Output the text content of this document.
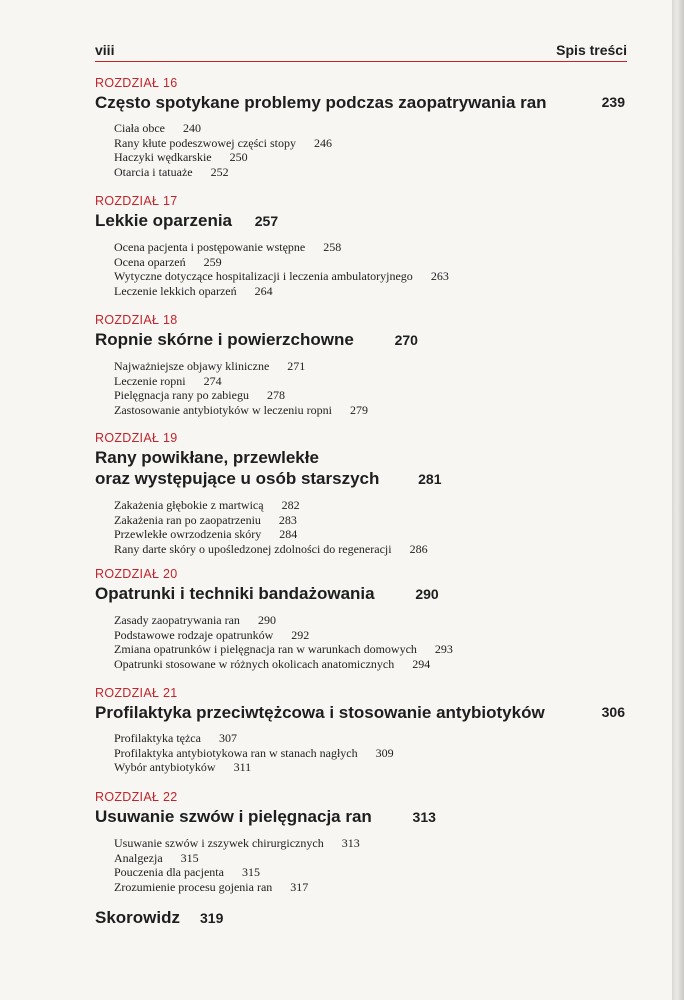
viii	Spis treści
ROZDZIAŁ 16
Często spotykane problemy podczas zaopatrywania ran	239
Ciała obce 240
Rany kłute podeszwowej części stopy 246
Haczyki wędkarskie 250
Otarcia i tatuaże 252
ROZDZIAŁ 17
Lekkie oparzenia 257
Ocena pacjenta i postępowanie wstępne 258
Ocena oparzeń 259
Wytyczne dotyczące hospitalizacji i leczenia ambulatoryjnego 263
Leczenie lekkich oparzeń 264
ROZDZIAŁ 18
Ropnie skórne i powierzchowne	270
Najważniejsze objawy kliniczne 271
Leczenie ropni 274
Pielęgnacja rany po zabiegu 278
Zastosowanie antybiotyków w leczeniu ropni 279
ROZDZIAŁ 19
Rany powikłane, przewlekłe
oraz występujące u osób starszych	281
Zakażenia głębokie z martwicą 282
Zakażenia ran po zaopatrzeniu 283
Przewlekłe owrzodzenia skóry 284
Rany darte skóry o upośledzonej zdolności do regeneracji 286
ROZDZIAŁ 20
Opatrunki i techniki bandażowania	290
Zasady zaopatrywania ran 290
Podstawowe rodzaje opatrunków 292
Zmiana opatrunków i pielęgnacja ran w warunkach domowych 293
Opatrunki stosowane w różnych okolicach anatomicznych 294
ROZDZIAŁ 21
Profilaktyka przeciwtężcowa i stosowanie antybiotyków	306
Profilaktyka tężca 307
Profilaktyka antybiotykowa ran w stanach nagłych 309
Wybór antybiotyków 311
ROZDZIAŁ 22
Usuwanie szwów i pielęgnacja ran	313
Usuwanie szwów i zszywek chirurgicznych 313
Analgezja 315
Pouczenia dla pacjenta 315
Zrozumienie procesu gojenia ran 317
Skorowidz 319
